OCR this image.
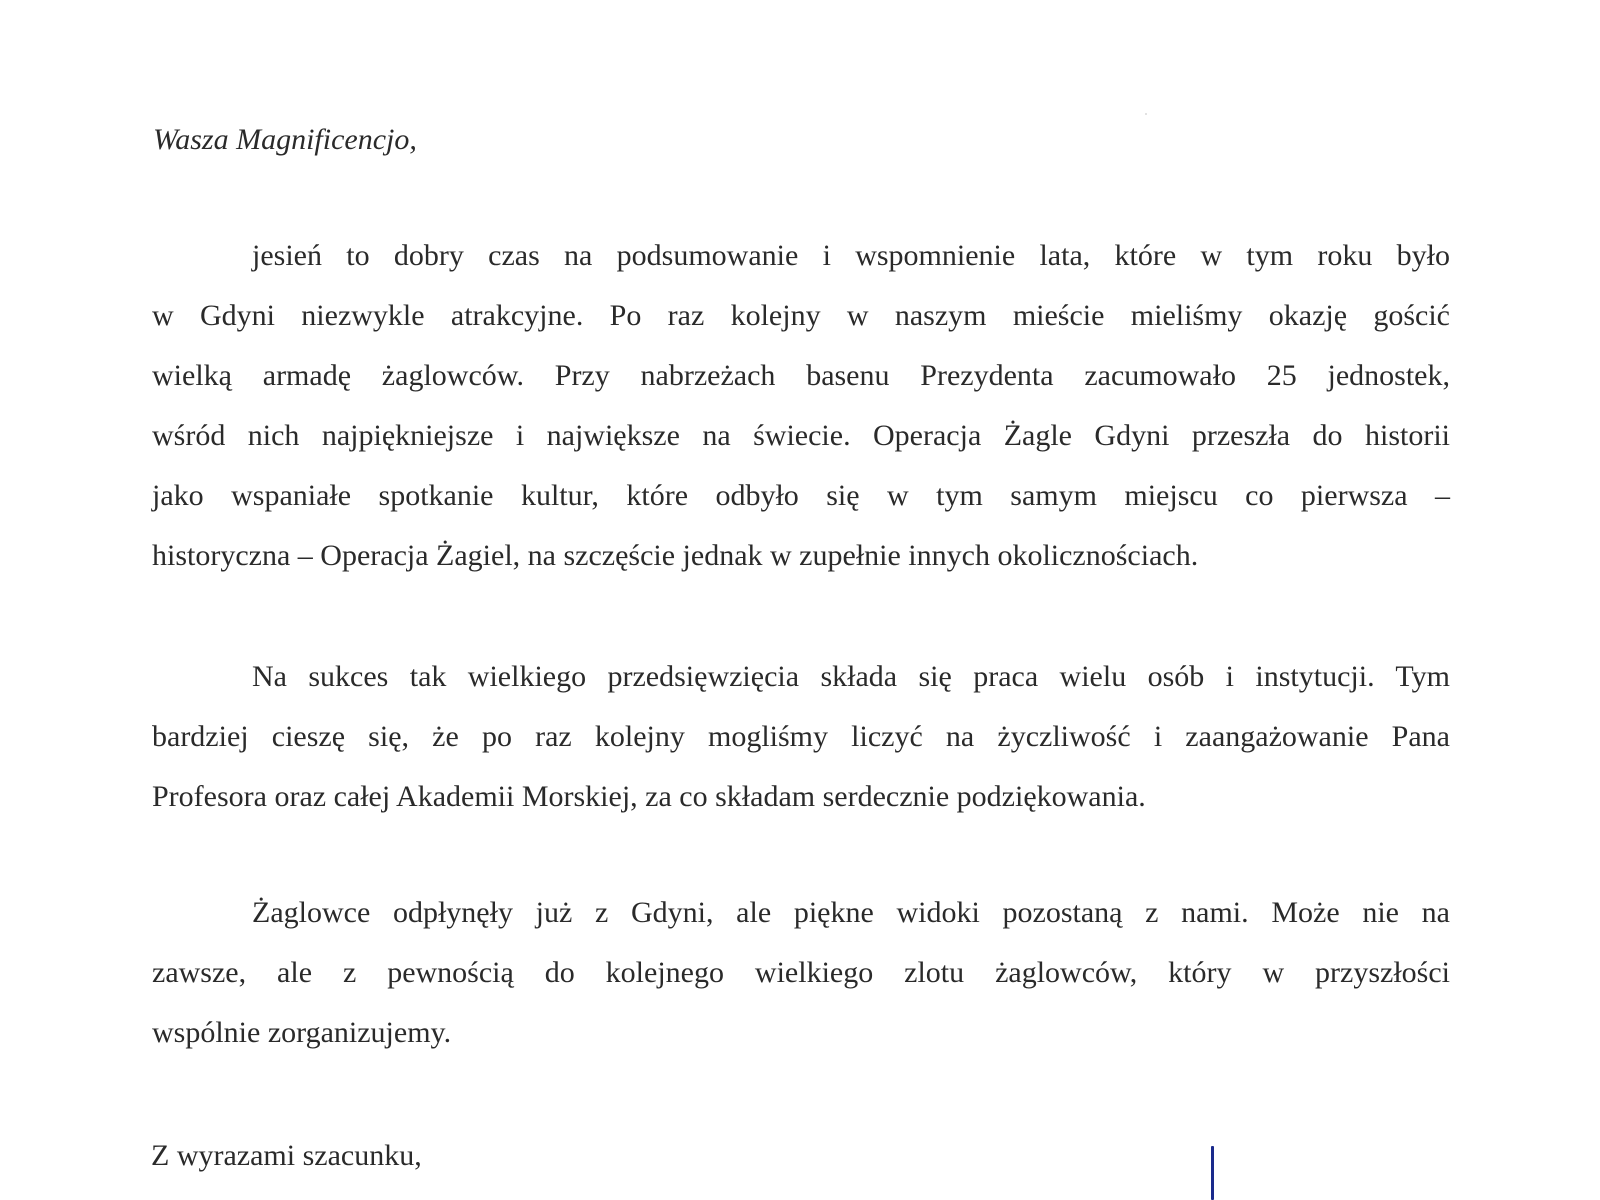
Wasza Magnificencjo,

jesień to dobry czas na podsumowanie i wspomnienie lata, które w tym roku było
w Gdyni niezwykle atrakcyjne. Po raz kolejny w naszym mieście mieliśmy okazję gościć
wielką armadę żaglowców. Przy nabrzeżach basenu Prezydenta zacumowało 25 jednostek,
wśród nich najpiękniejsze i największe na świecie. Operacja Żagle Gdyni przeszła do historii
jako wspaniałe spotkanie kultur, które odbyło się w tym samym miejscu co pierwsza –
historyczna – Operacja Żagiel, na szczęście jednak w zupełnie innych okolicznościach.
Na sukces tak wielkiego przedsięwzięcia składa się praca wielu osób i instytucji. Tym
bardziej cieszę się, że po raz kolejny mogliśmy liczyć na życzliwość i zaangażowanie Pana
Profesora oraz całej Akademii Morskiej, za co składam serdecznie podziękowania.
Żaglowce odpłynęły już z Gdyni, ale piękne widoki pozostaną z nami. Może nie na
zawsze, ale z pewnością do kolejnego wielkiego zlotu żaglowców, który w przyszłości
wspólnie zorganizujemy.

Z wyrazami szacunku,
